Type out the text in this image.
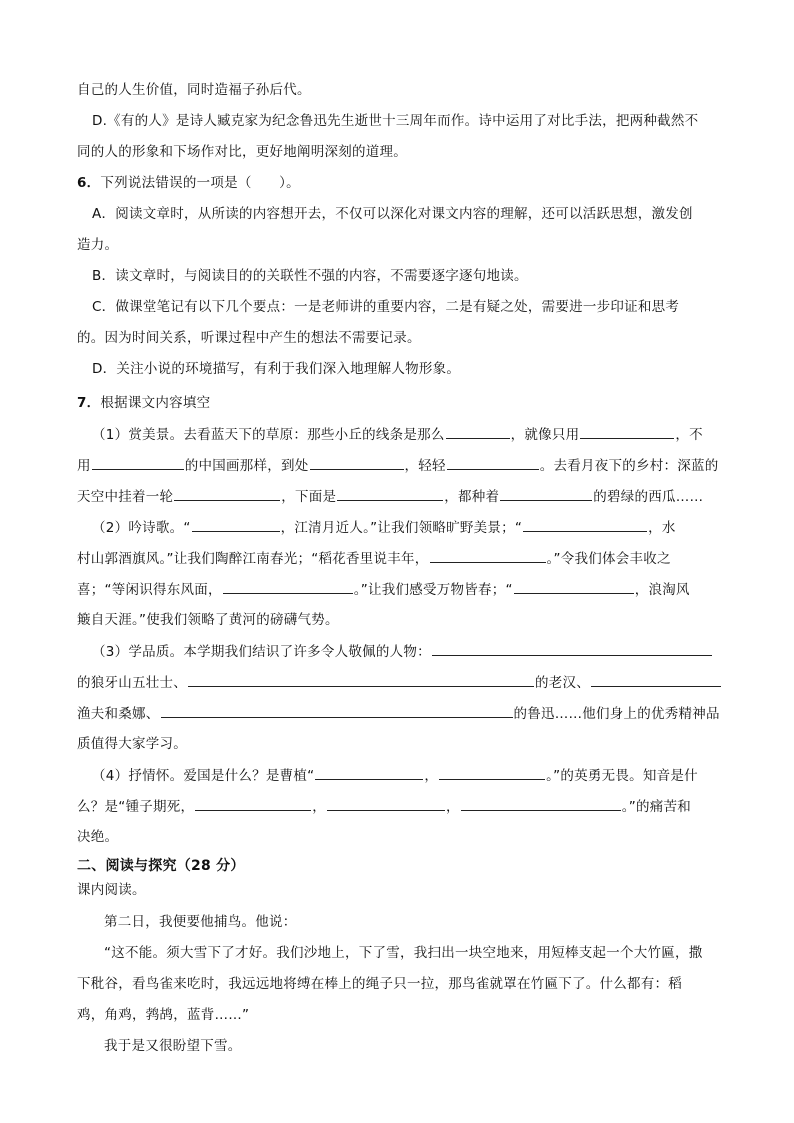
自己的人生价值，同时造福子孙后代。
D.《有的人》是诗人臧克家为纪念鲁迅先生逝世十三周年而作。诗中运用了对比手法，把两种截然不
同的人的形象和下场作对比，更好地阐明深刻的道理。
6．下列说法错误的一项是（　　）。
A．阅读文章时，从所读的内容想开去，不仅可以深化对课文内容的理解，还可以活跃思想，激发创
造力。
B．读文章时，与阅读目的的关联性不强的内容，不需要逐字逐句地读。
C．做课堂笔记有以下几个要点：一是老师讲的重要内容，二是有疑之处，需要进一步印证和思考
的。因为时间关系，听课过程中产生的想法不需要记录。
D．关注小说的环境描写，有利于我们深入地理解人物形象。
7．根据课文内容填空
（1）赏美景。去看蓝天下的草原：那些小丘的线条是那么	，就像只用	，不
用	的中国画那样，到处	，轻轻	。去看月夜下的乡村：深蓝的
天空中挂着一轮	，下面是	，都种着	的碧绿的西瓜……
（2）吟诗歌。“	，江清月近人。”让我们领略旷野美景；“	，水
村山郭酒旗风。”让我们陶醉江南春光；“稻花香里说丰年，	。”令我们体会丰收之
喜；“等闲识得东风面，	。”让我们感受万物皆春；“	，浪淘风
簸自天涯。”使我们领略了黄河的磅礴气势。
（3）学品质。本学期我们结识了许多令人敬佩的人物：
的狼牙山五壮士、	的老汉、
渔夫和桑娜、	的鲁迅……他们身上的优秀精神品
质值得大家学习。
（4）抒情怀。爱国是什么？是曹植“	，	。”的英勇无畏。知音是什
么？是“锺子期死，	，	，	。”的痛苦和
决绝。
二、阅读与探究（28 分）
课内阅读。
第二日，我便要他捕鸟。他说：
“这不能。须大雪下了才好。我们沙地上，下了雪，我扫出一块空地来，用短棒支起一个大竹匾，撒
下秕谷，看鸟雀来吃时，我远远地将缚在棒上的绳子只一拉，那鸟雀就罩在竹匾下了。什么都有：稻
鸡，角鸡，鹁鸪，蓝背……”
我于是又很盼望下雪。
